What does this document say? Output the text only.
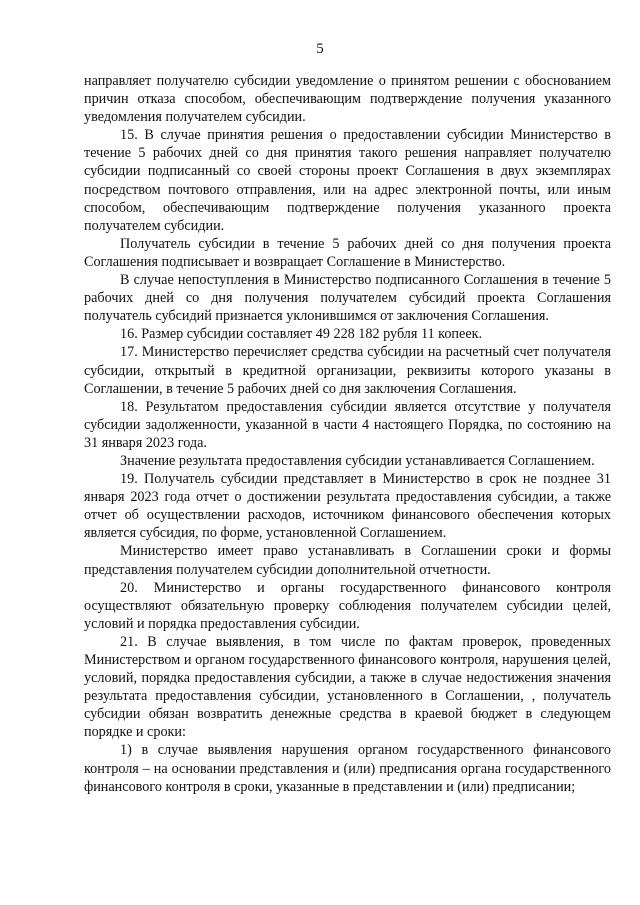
5

направляет получателю субсидии уведомление о принятом решении с обоснованием причин отказа способом, обеспечивающим подтверждение получения указанного уведомления получателем субсидии.

15. В случае принятия решения о предоставлении субсидии Министерство в течение 5 рабочих дней со дня принятия такого решения направляет получателю субсидии подписанный со своей стороны проект Соглашения в двух экземплярах посредством почтового отправления, или на адрес электронной почты, или иным способом, обеспечивающим подтверждение получения указанного проекта получателем субсидии.

Получатель субсидии в течение 5 рабочих дней со дня получения проекта Соглашения подписывает и возвращает Соглашение в Министерство.

В случае непоступления в Министерство подписанного Соглашения в течение 5 рабочих дней со дня получения получателем субсидий проекта Соглашения получатель субсидий признается уклонившимся от заключения Соглашения.

16. Размер субсидии составляет 49 228 182 рубля 11 копеек.

17. Министерство перечисляет средства субсидии на расчетный счет получателя субсидии, открытый в кредитной организации, реквизиты которого указаны в Соглашении, в течение 5 рабочих дней со дня заключения Соглашения.

18. Результатом предоставления субсидии является отсутствие у получателя субсидии задолженности, указанной в части 4 настоящего Порядка, по состоянию на 31 января 2023 года.

Значение результата предоставления субсидии устанавливается Соглашением.

19. Получатель субсидии представляет в Министерство в срок не позднее 31 января 2023 года отчет о достижении результата предоставления субсидии, а также отчет об осуществлении расходов, источником финансового обеспечения которых является субсидия, по форме, установленной Соглашением.

Министерство имеет право устанавливать в Соглашении сроки и формы представления получателем субсидии дополнительной отчетности.

20. Министерство и органы государственного финансового контроля осуществляют обязательную проверку соблюдения получателем субсидии целей, условий и порядка предоставления субсидии.

21. В случае выявления, в том числе по фактам проверок, проведенных Министерством и органом государственного финансового контроля, нарушения целей, условий, порядка предоставления субсидии, а также в случае недостижения значения результата предоставления субсидии, установленного в Соглашении, , получатель субсидии обязан возвратить денежные средства в краевой бюджет в следующем порядке и сроки:

1) в случае выявления нарушения органом государственного финансового контроля – на основании представления и (или) предписания органа государственного финансового контроля в сроки, указанные в представлении и (или) предписании;
